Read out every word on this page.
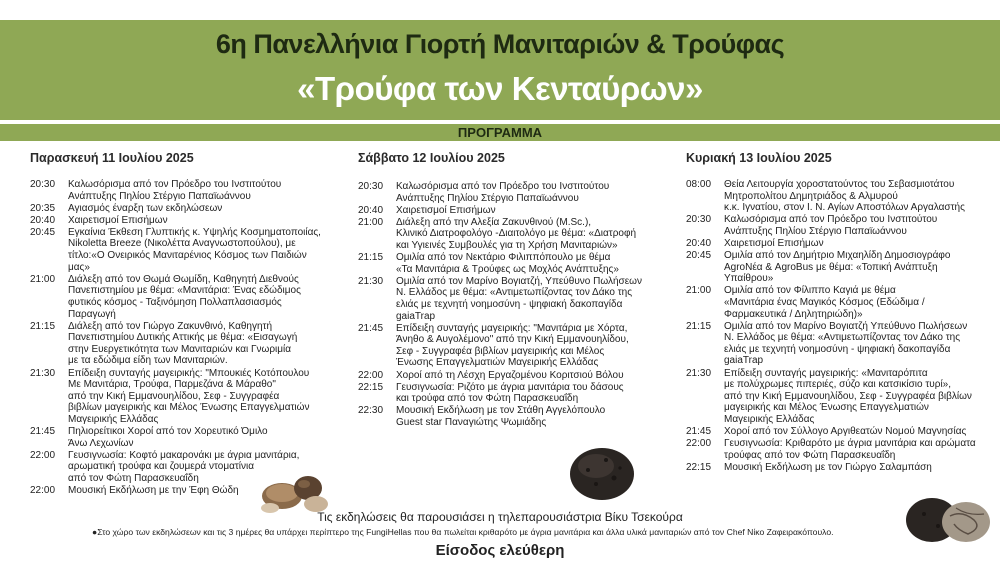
6η Πανελλήνια Γιορτή Μανιταριών & Τρούφας
«Τρούφα των Κενταύρων»
ΠΡΟΓΡΑΜΜΑ
Παρασκευή 11 Ιουλίου 2025
20:30	Καλωσόρισμα από τον Πρόεδρο του Ινστιτούτου
Ανάπτυξης Πηλίου Στέργιο Παπαϊωάννου
20:35	Αγιασμός έναρξη των εκδηλώσεων
20:40	Χαιρετισμοί Επισήμων
20:45	Εγκαίνια Έκθεση Γλυπτικής κ. Υψηλής Κοσμηματοποιίας,
Nikoletta Breeze (Νικολέττα Αναγνωστοπούλου), με
τίτλο:«Ο Ονειρικός Μανιταρένιος Κόσμος των Παιδιών μας»
21:00	Διάλεξη από τον Θωμά Θωμίδη, Καθηγητή Διεθνούς
Πανεπιστημίου με θέμα: «Μανιτάρια: Ένας εδώδιμος
φυτικός κόσμος - Ταξινόμηση Πολλαπλασιασμός Παραγωγή
21:15	Διάλεξη από τον Γιώργο Ζακυνθινό, Καθηγητή
Πανεπιστημίου Δυτικής Αττικής με θέμα: «Εισαγωγή
στην Ευεργετικότητα των Μανιταριών και Γνωριμία
με τα εδώδιμα είδη των Μανιταριών.
21:30	Επίδειξη συνταγής μαγειρικής: "Μπουκιές Κοτόπουλου
Με Μανιτάρια, Τρούφα, Παρμεζάνα & Μάραθο"
από την Κική Εμμανουηλίδου, Σεφ - Συγγραφέα
βιβλίων μαγειρικής και Μέλος Ένωσης Επαγγελματιών
Μαγειρικής Ελλάδας
21:45	Πηλιορείτικοι Χοροί από τον Χορευτικό Όμιλο
Άνω Λεχωνίων
22:00	Γευσιγνωσία: Κοφτό μακαρονάκι με άγρια μανιτάρια,
αρωματική τρούφα και ζουμερά ντοματίνια
από τον Φώτη Παρασκευαΐδη
22:00	Μουσική Εκδήλωση με την Έφη Θώδη
Σάββατο 12 Ιουλίου 2025
20:30	Καλωσόρισμα από τον Πρόεδρο του Ινστιτούτου
Ανάπτυξης Πηλίου Στέργιο Παπαϊωάννου
20:40	Χαιρετισμοί Επισήμων
21:00	Διάλεξη από την Αλεξία Ζακυνθινού (M.Sc.),
Κλινικό Διατροφολόγο -Διαιτολόγο με θέμα: «Διατροφή
και Υγιεινές Συμβουλές για τη Χρήση Μανιταριών»
21:15	Ομιλία από τον Νεκτάριο Φιλιππόπουλο με θέμα
«Τα Μανιτάρια & Τρούφες ως Μοχλός Ανάπτυξης»
21:30	Ομιλία από τον Μαρίνο Βογιατζή, Υπεύθυνο Πωλήσεων
Ν. Ελλάδος με θέμα: «Αντιμετωπίζοντας τον Δάκο της
ελιάς με τεχνητή νοημοσύνη - ψηφιακή δακοπαγίδα gaiaTrap
21:45	Επίδειξη συνταγής μαγειρικής: "Μανιτάρια με Χόρτα,
Άνηθο & Αυγολέμονο" από την Κική Εμμανουηλίδου,
Σεφ - Συγγραφέα βιβλίων μαγειρικής και Μέλος
Ένωσης Επαγγελματιών Μαγειρικής Ελλάδας
22:00	Χοροί από τη Λέσχη Εργαζομένου Κοριτσιού Βόλου
22:15	Γευσιγνωσία: Ριζότο με άγρια μανιτάρια του δάσους
και τρούφα από τον Φώτη Παρασκευαΐδη
22:30	Μουσική Εκδήλωση με τον Στάθη Αγγελόπουλο
Guest star Παναγιώτης Ψωμιάδης
Κυριακή 13 Ιουλίου 2025
08:00	Θεία Λειτουργία χοροστατούντος του Σεβασμιοτάτου
Μητροπολίτου Δημητριάδος & Αλμυρού
κ.κ. Ιγνατίου, στον Ι. Ν. Αγίων Αποστόλων Αργαλαστής
20:30	Καλωσόρισμα από τον Πρόεδρο του Ινστιτούτου
Ανάπτυξης Πηλίου Στέργιο Παπαϊωάννου
20:40	Χαιρετισμοί Επισήμων
20:45	Ομιλία από τον Δημήτριο Μιχαηλίδη Δημοσιογράφο
AgroΝέα & AgroBus με θέμα: «Τοπική Ανάπτυξη Υπαίθρου»
21:00	Ομιλία από τον Φίλιππο Καγιά με θέμα
«Μανιτάρια ένας Μαγικός Κόσμος (Εδώδιμα /
Φαρμακευτικά / Δηλητηριώδη)»
21:15	Ομιλία από τον Μαρίνο Βογιατζή Υπεύθυνο Πωλήσεων
Ν. Ελλάδος με θέμα: «Αντιμετωπίζοντας τον Δάκο της
ελιάς με τεχνητή νοημοσύνη - ψηφιακή δακοπαγίδα gaiaTrap
21:30	Επίδειξη συνταγής μαγειρικής: «Μανιταρόπιτα
με πολύχρωμες πιπεριές, σύζο και κατσικίσιο τυρί»,
από την Κική Εμμανουηλίδου, Σεφ - Συγγραφέα βιβλίων
μαγειρικής και Μέλος Ένωσης Επαγγελματιών
Μαγειρικής Ελλάδας
21:45	Χοροί από τον Σύλλογο Αργιθεατών Νομού Μαγνησίας
22:00	Γευσιγνωσία: Κριθαρότο με άγρια μανιτάρια και αρώματα
τρούφας από τον Φώτη Παρασκευαΐδη
22:15	Μουσική Εκδήλωση με τον Γιώργο Σαλαμπάση
Τις εκδηλώσεις θα παρουσιάσει η τηλεπαρουσιάστρια Βίκυ Τσεκούρα
●Στο χώρο των εκδηλώσεων και τις 3 ημέρες θα υπάρχει περίπτερο της FungiHellas που θα πωλείται κριθαρότο με άγρια μανιτάρια και άλλα υλικά μανιταριών από τον Chef Νίκο Ζαφειρακόπουλο.
Είσοδος ελεύθερη
